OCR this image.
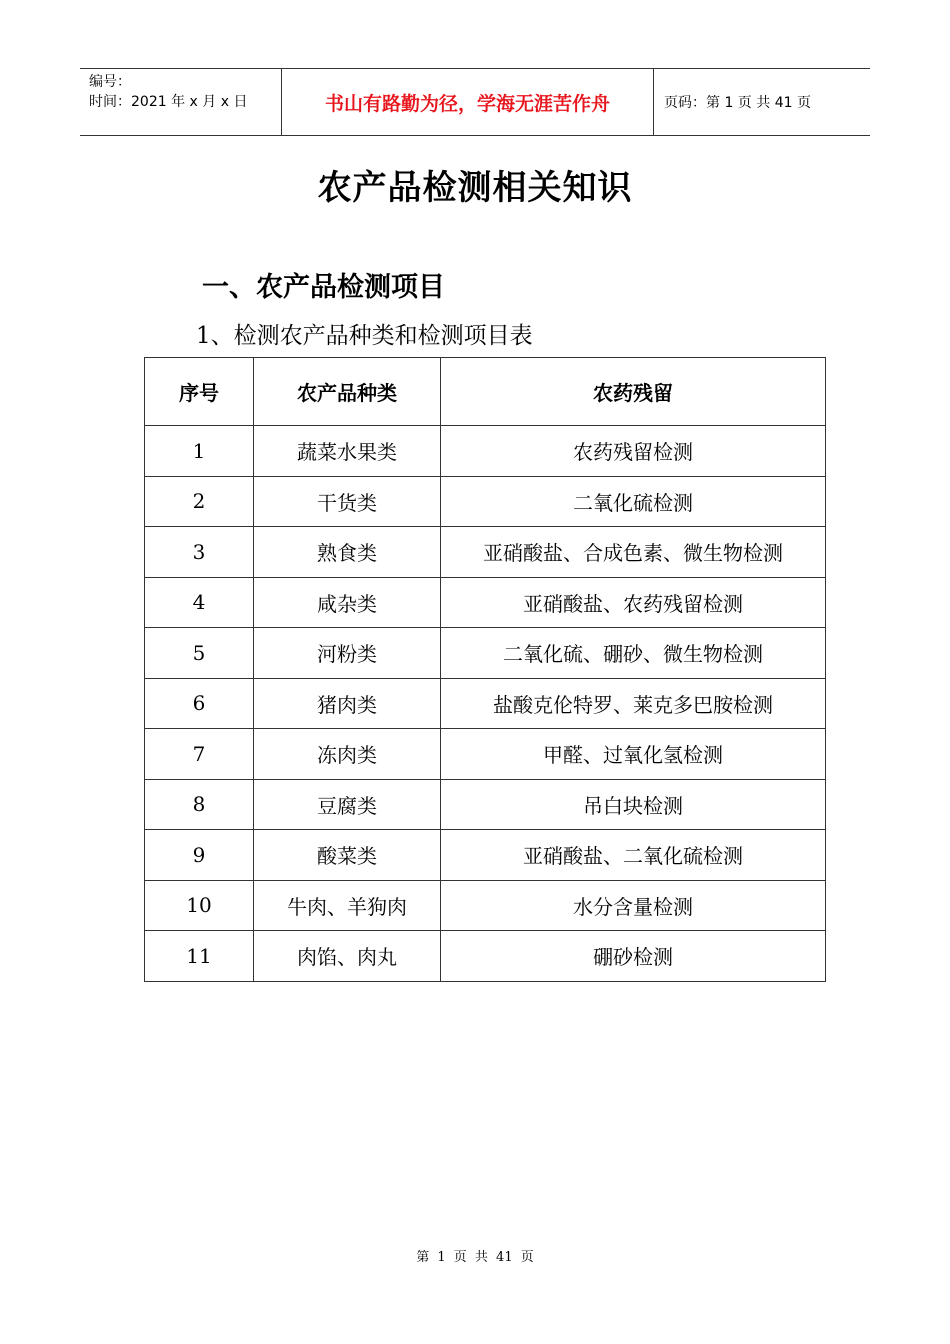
编号：
时间：2021 年 x 月 x 日	书山有路勤为径，学海无涯苦作舟	页码：第 1 页 共 41 页
农产品检测相关知识
一、农产品检测项目
1、检测农产品种类和检测项目表
序号	农产品种类	农药残留
1	蔬菜水果类	农药残留检测
2	干货类	二氧化硫检测
3	熟食类	亚硝酸盐、合成色素、微生物检测
4	咸杂类	亚硝酸盐、农药残留检测
5	河粉类	二氧化硫、硼砂、微生物检测
6	猪肉类	盐酸克伦特罗、莱克多巴胺检测
7	冻肉类	甲醛、过氧化氢检测
8	豆腐类	吊白块检测
9	酸菜类	亚硝酸盐、二氧化硫检测
10	牛肉、羊狗肉	水分含量检测
11	肉馅、肉丸	硼砂检测
第 1 页 共 41 页
